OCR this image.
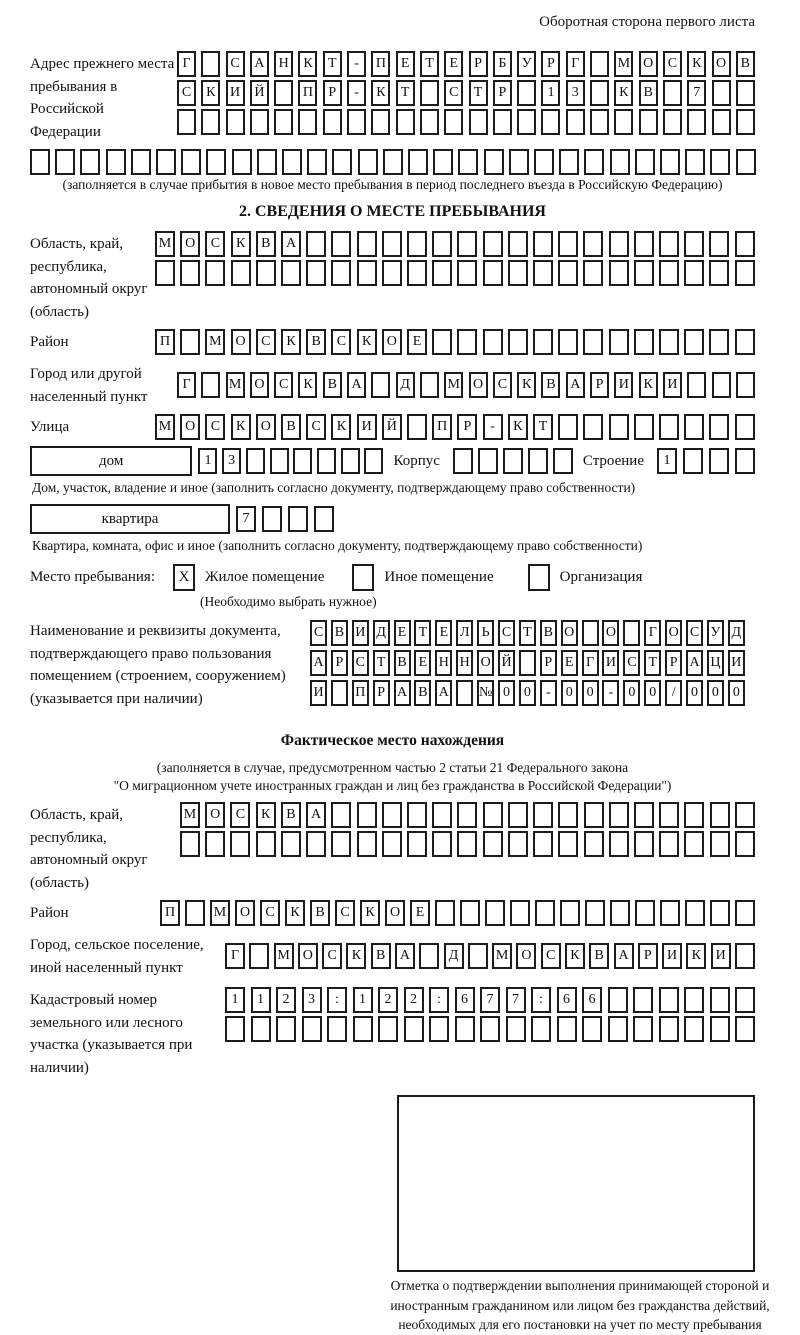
Оборотная сторона первого листа
Адрес прежнего места пребывания в Российской Федерации
Г	С	А	Н	К	Т	-	П	Е	Т	Е	Р	Б	У	Р	Г	М О	С	К	О	В
С	К	И	Й	П	Р	-	К	Т	С	Т	Р	1	3	К	В	7
(заполняется в случае прибытия в новое место пребывания в период последнего въезда в Российскую Федерацию)
2. СВЕДЕНИЯ О МЕСТЕ ПРЕБЫВАНИЯ
Область, край, республика, автономный округ (область)
М О	С	К	В	А
Район	П	М О	С	К	В	С	К	О	Е
Город или другой населенный пункт
Г	М О	С	К	В	А	Д	М О	С	К	В	А	Р	И	К	И
Улица	М О	С	К	О	В	С	К	И	Й	П	Р	-	К	Т
дом	1	3	Корпус	Строение	1
Дом, участок, владение и иное (заполнить согласно документу, подтверждающему право собственности)
квартира	7
Квартира, комната, офис и иное (заполнить согласно документу, подтверждающему право собственности)
Место пребывания:	X	Жилое помещение	Иное помещение	Организация
(Необходимо выбрать нужное)
Наименование и реквизиты документа, подтверждающего право пользования помещением (строением, сооружением) (указывается при наличии)
С В И Д Е Т Е Л Ь С Т В О О	Г О С У Д
А Р С Т В Е Н Н О Й	Р Е Г И С Т Р А Ц И
И П Р А В А № 0 0	-	0 0	-	0 0	/	0 0 0
Фактическое место нахождения
(заполняется в случае, предусмотренном частью 2 статьи 21 Федерального закона
"О миграционном учете иностранных граждан и лиц без гражданства в Российской Федерации")
Область, край, республика, автономный округ (область)
М О	С	К	В	А
Район	П	М О	С	К	В	С	К	О	Е
Город, сельское поселение, иной населенный пункт
Г	М О	С	К	В	А	Д	М О	С	К	В	А	Р	И	К	И
Кадастровый номер земельного или лесного участка (указывается при наличии)
1	1	2	3	:	1	2	2	:	6	7	7	:	6	6
Отметка о подтверждении выполнения принимающей стороной и иностранным гражданином или лицом без гражданства действий, необходимых для его постановки на учет по месту пребывания
